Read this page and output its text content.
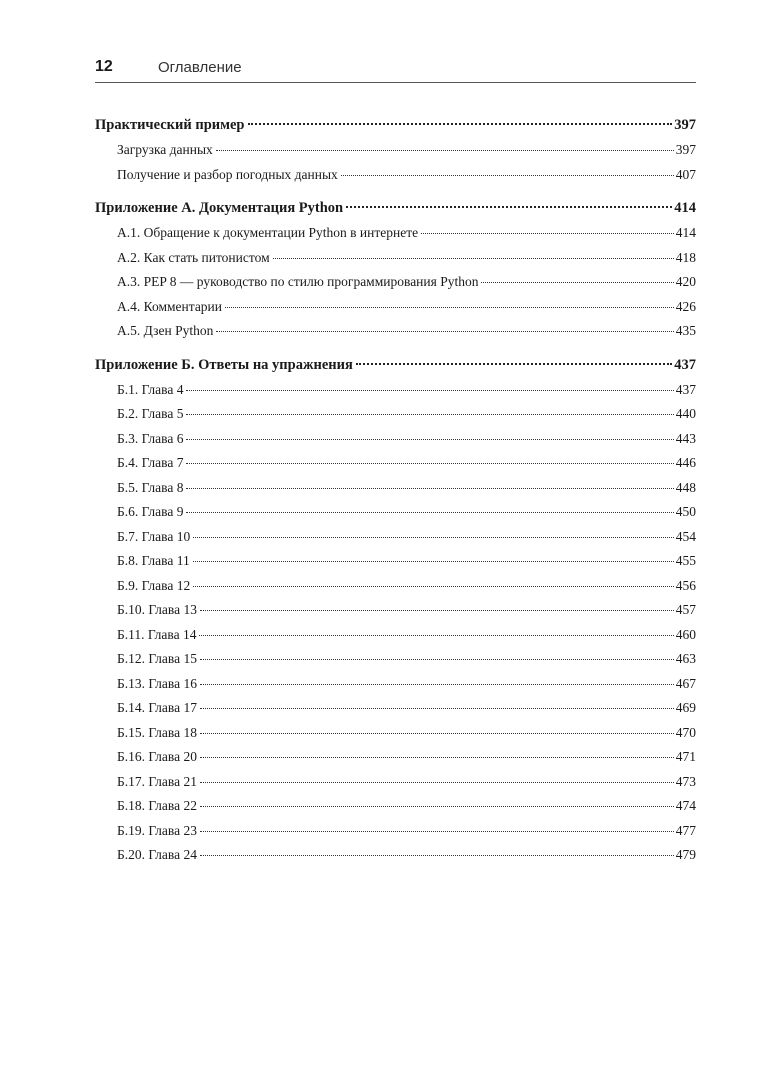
12	Оглавление
Практический пример	397
Загрузка данных	397
Получение и разбор погодных данных	407
Приложение А. Документация Python	414
А.1. Обращение к документации Python в интернете	414
А.2. Как стать питонистом	418
А.3. PEP 8 — руководство по стилю программирования Python	420
А.4. Комментарии	426
А.5. Дзен Python	435
Приложение Б. Ответы на упражнения	437
Б.1. Глава 4	437
Б.2. Глава 5	440
Б.3. Глава 6	443
Б.4. Глава 7	446
Б.5. Глава 8	448
Б.6. Глава 9	450
Б.7. Глава 10	454
Б.8. Глава 11	455
Б.9. Глава 12	456
Б.10. Глава 13	457
Б.11. Глава 14	460
Б.12. Глава 15	463
Б.13. Глава 16	467
Б.14. Глава 17	469
Б.15. Глава 18	470
Б.16. Глава 20	471
Б.17. Глава 21	473
Б.18. Глава 22	474
Б.19. Глава 23	477
Б.20. Глава 24	479
